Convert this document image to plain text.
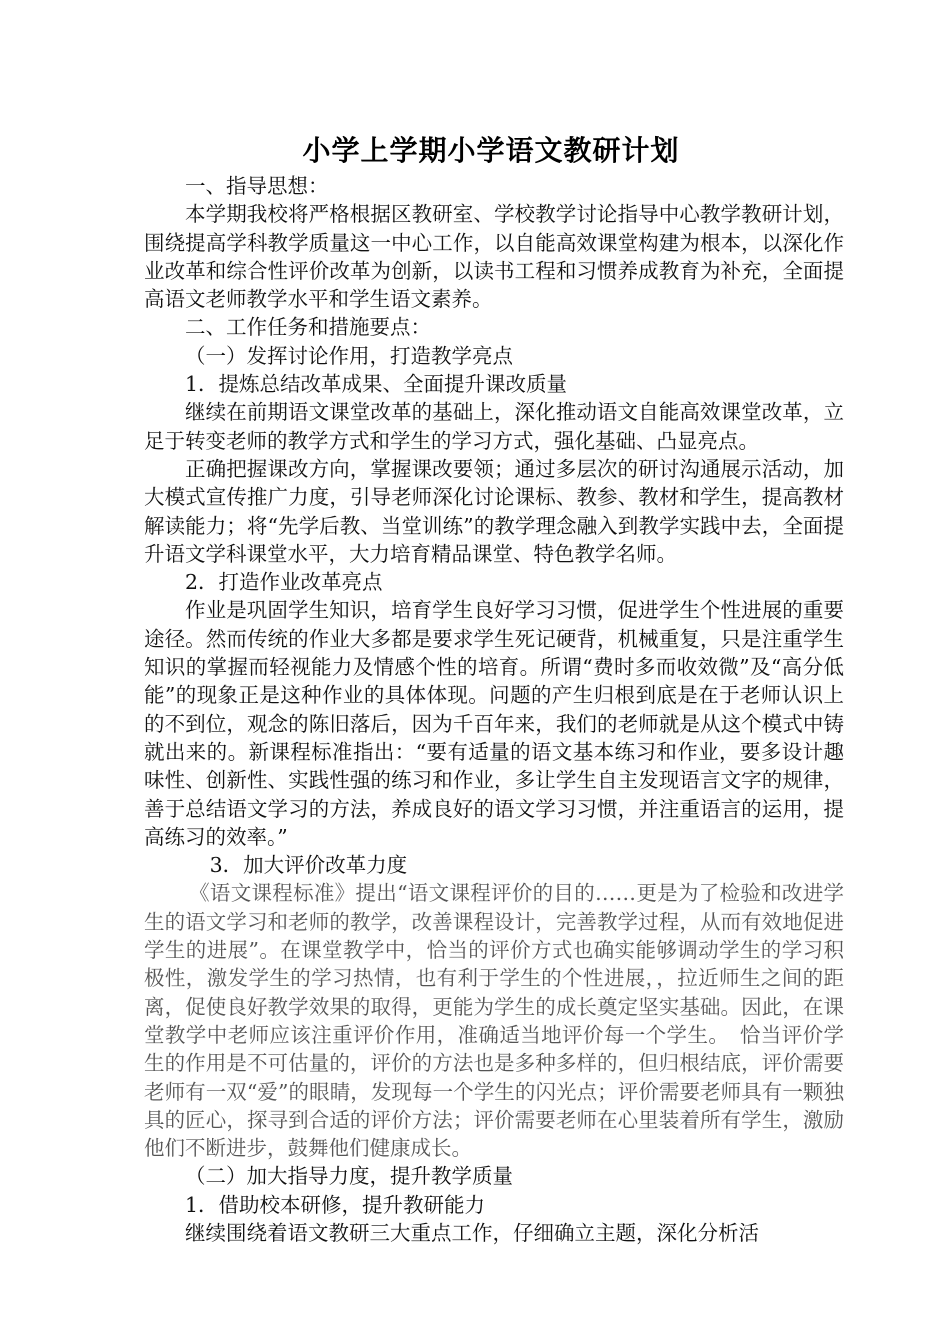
小学上学期小学语文教研计划

一、指导思想：

本学期我校将严格根据区教研室、学校教学讨论指导中心教学教研计划，围绕提高学科教学质量这一中心工作，以自能高效课堂构建为根本，以深化作业改革和综合性评价改革为创新，以读书工程和习惯养成教育为补充，全面提高语文老师教学水平和学生语文素养。

二、工作任务和措施要点：

（一）发挥讨论作用，打造教学亮点

1．提炼总结改革成果、全面提升课改质量

继续在前期语文课堂改革的基础上，深化推动语文自能高效课堂改革，立足于转变老师的教学方式和学生的学习方式，强化基础、凸显亮点。

正确把握课改方向，掌握课改要领；通过多层次的研讨沟通展示活动，加大模式宣传推广力度，引导老师深化讨论课标、教参、教材和学生，提高教材解读能力；将“先学后教、当堂训练”的教学理念融入到教学实践中去，全面提升语文学科课堂水平，大力培育精品课堂、特色教学名师。

2．打造作业改革亮点

作业是巩固学生知识，培育学生良好学习习惯，促进学生个性进展的重要途径。然而传统的作业大多都是要求学生死记硬背，机械重复，只是注重学生知识的掌握而轻视能力及情感个性的培育。所谓“费时多而收效微”及“高分低能”的现象正是这种作业的具体体现。问题的产生归根到底是在于老师认识上的不到位，观念的陈旧落后，因为千百年来，我们的老师就是从这个模式中铸就出来的。新课程标准指出：“要有适量的语文基本练习和作业，要多设计趣味性、创新性、实践性强的练习和作业，多让学生自主发现语言文字的规律，善于总结语文学习的方法，养成良好的语文学习习惯，并注重语言的运用，提高练习的效率。”

3．加大评价改革力度

《语文课程标准》提出“语文课程评价的目的……更是为了检验和改进学生的语文学习和老师的教学，改善课程设计，完善教学过程，从而有效地促进学生的进展”。在课堂教学中，恰当的评价方式也确实能够调动学生的学习积极性，激发学生的学习热情，也有利于学生的个性进展，，拉近师生之间的距离，促使良好教学效果的取得，更能为学生的成长奠定坚实基础。因此，在课堂教学中老师应该注重评价作用，准确适当地评价每一个学生。　恰当评价学生的作用是不可估量的，评价的方法也是多种多样的，但归根结底，评价需要老师有一双“爱”的眼睛，发现每一个学生的闪光点；评价需要老师具有一颗独具的匠心，探寻到合适的评价方法；评价需要老师在心里装着所有学生，激励他们不断进步，鼓舞他们健康成长。

（二）加大指导力度，提升教学质量

1．借助校本研修，提升教研能力

继续围绕着语文教研三大重点工作，仔细确立主题，深化分析活
